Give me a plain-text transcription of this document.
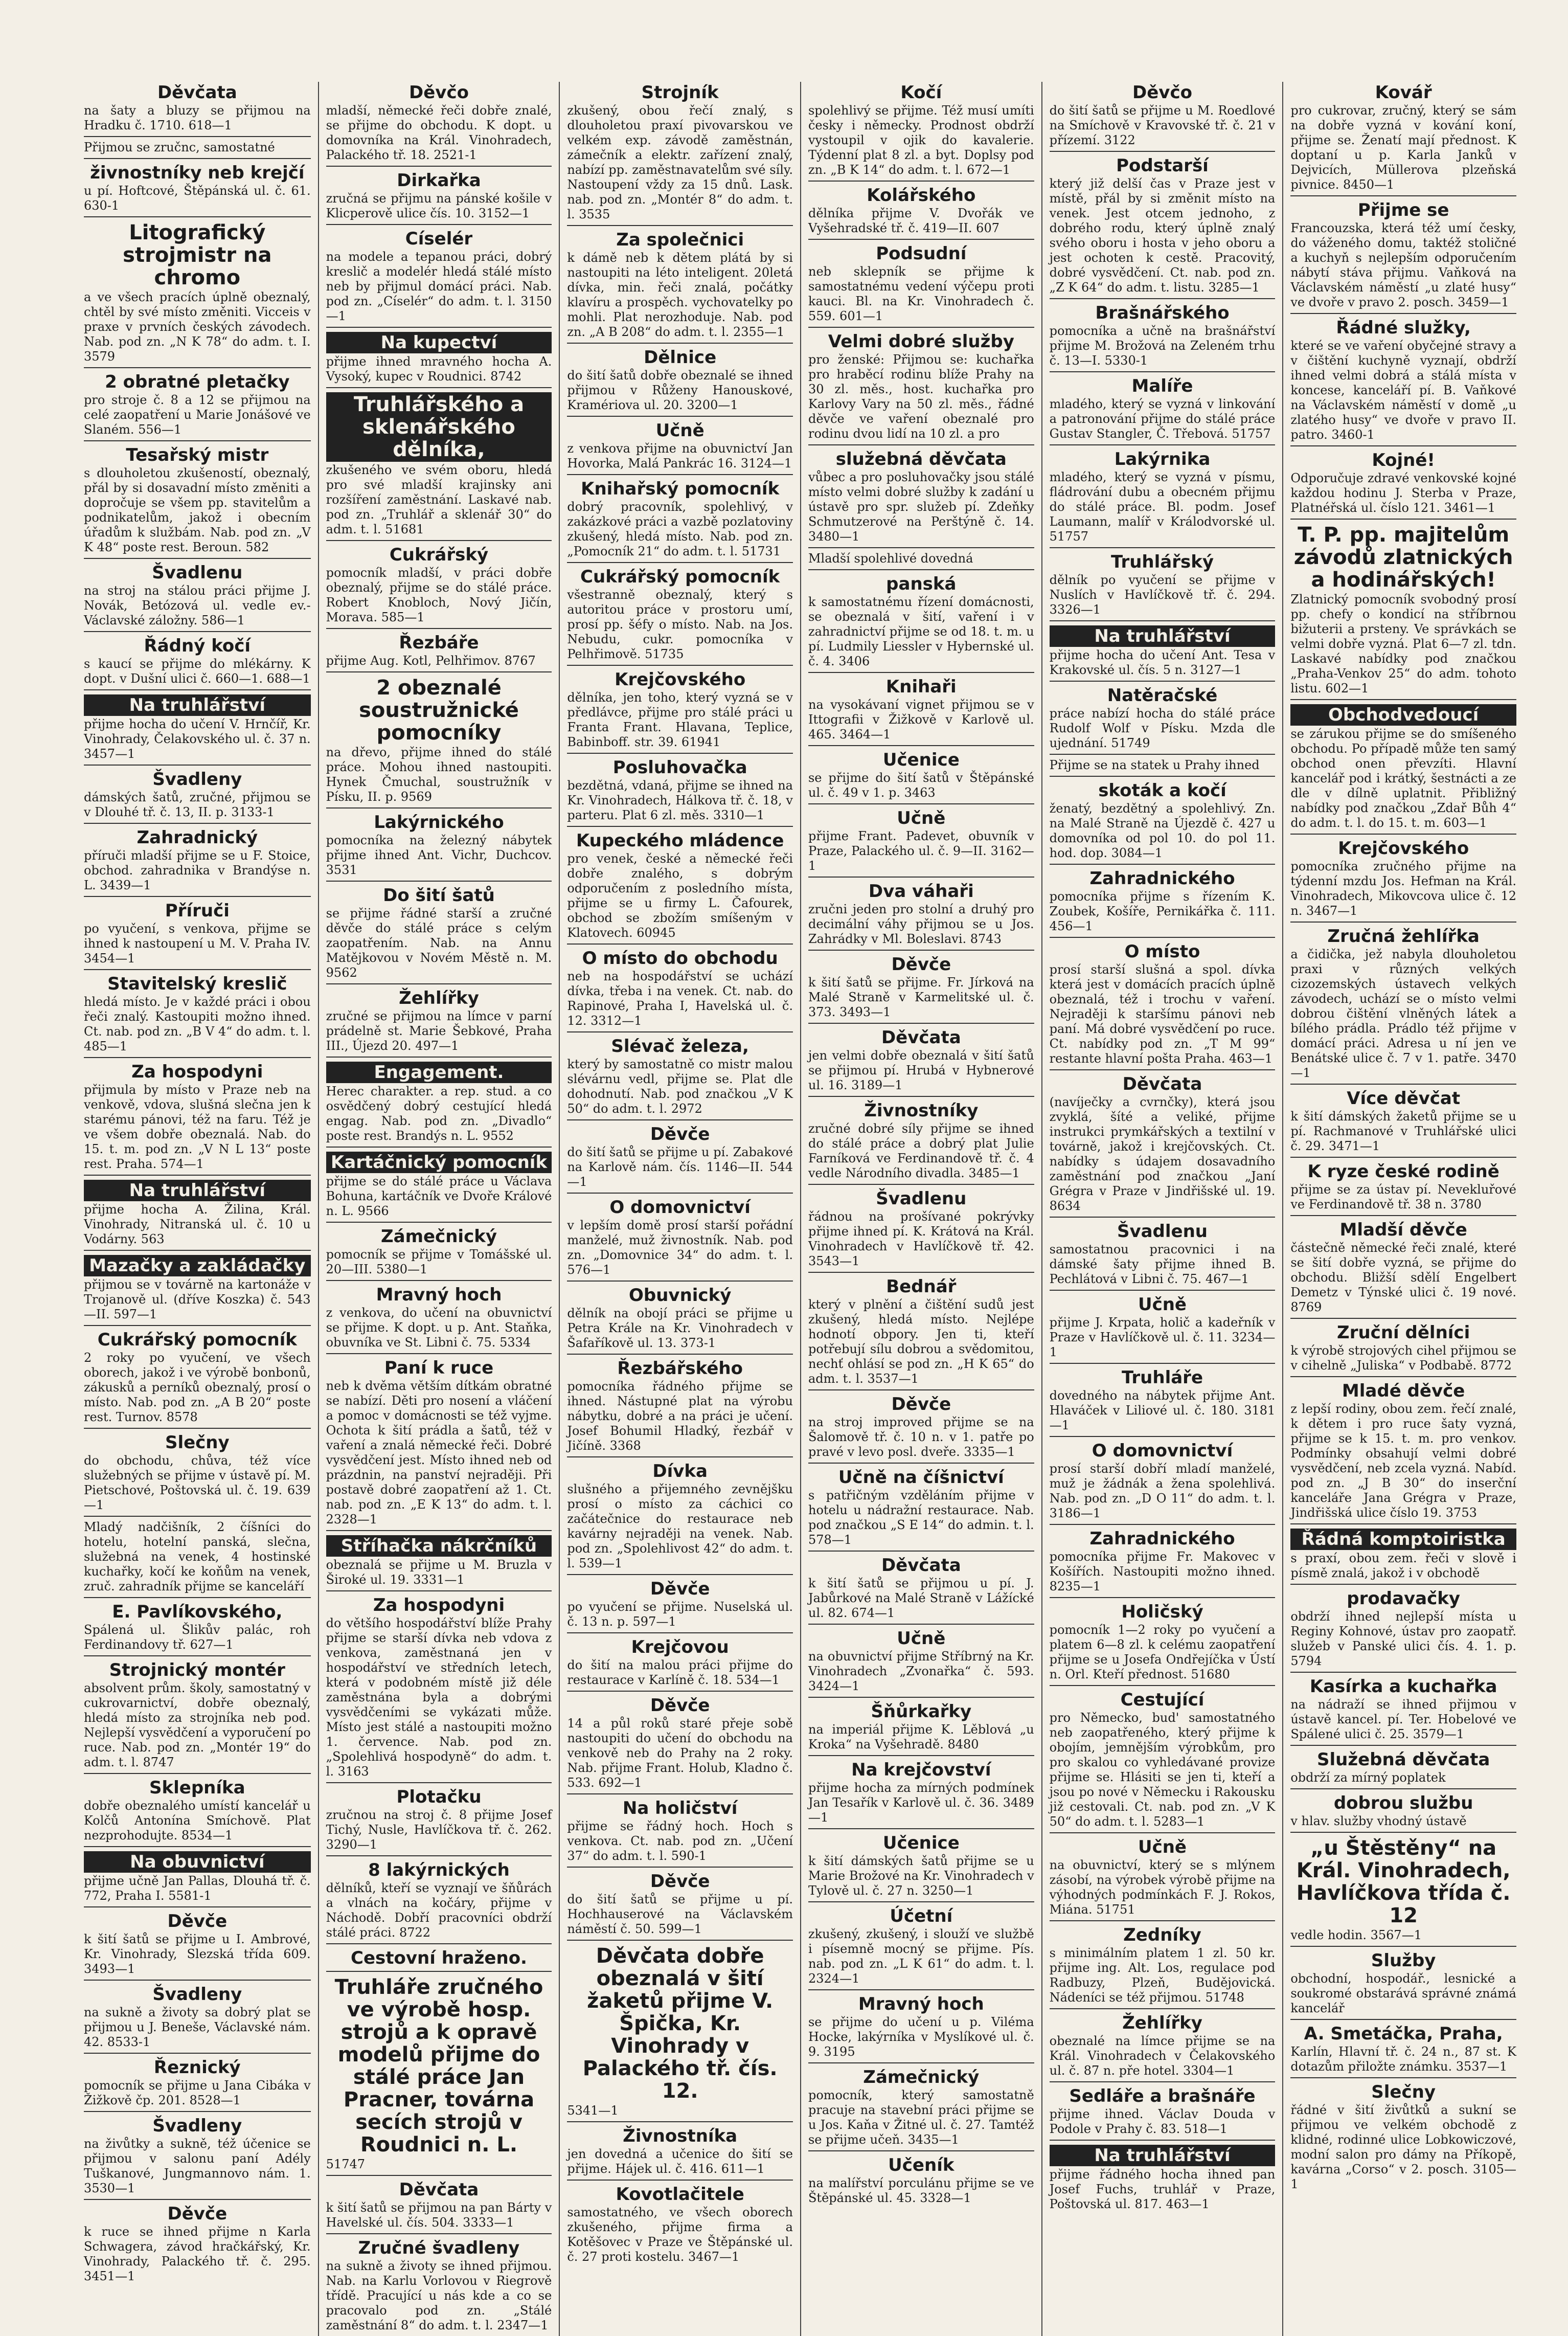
Děvčata
na šaty a bluzy se přijmou na Hradku č. 1710. 618—1
Přijmou se zručnc, samostatné
živnostníky neb krejčí
u pí. Hoftcové, Štěpánská ul. č. 61. 630-1
Litografický strojmistr na chromo
a ve všech pracích úplně obeznalý, chtěl by své místo změniti. Vicceis v praxe v prvních českých závodech. Nab. pod zn. „N K 78“ do adm. t. I. 3579
2 obratné pletačky
pro stroje č. 8 a 12 se přijmou na celé zaopatření u Marie Jonášové ve Slaném. 556—1
Tesařský mistr
s dlouholetou zkušeností, obeznalý, přál by si dosavadní místo změniti a dopročuje se všem pp. stavitelům a podnikatelům, jakož i obecním úřadům k službám. Nab. pod zn. „V K 48“ poste rest. Beroun. 582
Švadlenu
na stroj na stálou práci přijme J. Novák, Betózová ul. vedle ev.-Václavské záložny. 586—1
Řádný kočí
s kaucí se přijme do mlékárny. K dopt. v Dušní ulici č. 660—1. 688—1
Na truhlářství
přijme hocha do učení V. Hrnčíř, Kr. Vinohrady, Čelakovského ul. č. 37 n. 3457—1
Švadleny
dámských šatů, zručné, přijmou se v Dlouhé tř. č. 13, II. p. 3133-1
Zahradnický
příruči mladší přijme se u F. Stoice, obchod. zahradnika v Brandýse n. L. 3439—1
Příruči
po vyučení, s venkova, přijme se ihned k nastoupení u M. V. Praha IV. 3454—1
Stavitelský kreslič
hledá místo. Je v každé práci i obou řeči znalý. Kastoupiti možno ihned. Ct. nab. pod zn. „B V 4“ do adm. t. l. 485—1
Za hospodyni
přijmula by místo v Praze neb na venkově, vdova, slušná slečna jen k starému pánovi, též na faru. Též je ve všem dobře obeznalá. Nab. do 15. t. m. pod zn. „V N L 13“ poste rest. Praha. 574—1
Na truhlářství
přijme hocha A. Žilina, Král. Vinohrady, Nitranská ul. č. 10 u Vodárny. 563
Mazačky a zakládačky
přijmou se v továrně na kartonáže v Trojanově ul. (dříve Koszka) č. 543—II. 597—1
Cukrářský pomocník
2 roky po vyučení, ve všech oborech, jakož i ve výrobě bonbonů, zákusků a perníků obeznalý, prosí o místo. Nab. pod zn. „A B 20“ poste rest. Turnov. 8578
Slečny
do obchodu, chůva, též více služebných se přijme v ústavě pí. M. Pietschové, Poštovská ul. č. 19. 639—1
Mladý nadčišník, 2 číšníci do hotelu, hotelní panská, slečna, služebná na venek, 4 hostinské kuchařky, kočí ke koňům na venek, zruč. zahradník přijme se kanceláří
E. Pavlíkovského,
Spálená ul. Šlikův palác, roh Ferdinandovy tř. 627—1
Strojnický montér
absolvent prům. školy, samostatný v cukrovarnictví, dobře obeznalý, hledá místo za strojníka neb pod. Nejlepší vysvědčení a vyporučení po ruce. Nab. pod zn. „Montér 19“ do adm. t. l. 8747
Sklepníka
dobře obeznalého umístí kancelář u Kolčů Antonína Smíchově. Plat nezprohodujte. 8534—1
Na obuvnictví
přijme učně Jan Pallas, Dlouhá tř. č. 772, Praha I. 5581-1
Děvče
k šití šatů se přijme u I. Ambrové, Kr. Vinohrady, Slezská třída 609. 3493—1
Švadleny
na sukně a životy sa dobrý plat se přijmou u J. Beneše, Václavské nám. 42. 8533-1
Řeznický
pomocník se přijme u Jana Cibáka v Žižkově čp. 201. 8528—1
Švadleny
na živůtky a sukně, též účenice se přijmou v salonu paní Adély Tuškanové, Jungmannovo nám. 1. 3530—1
Děvče
k ruce se ihned přijme n Karla Schwagera, závod hračkářský, Kr. Vinohrady, Palackého tř. č. 295. 3451—1
Děvčo
mladší, německé řeči dobře znalé, se přijme do obchodu. K dopt. u domovníka na Král. Vinohradech, Palackého tř. 18. 2521-1
Dirkařka
zručná se přijmu na pánské košile v Klicperově ulice čís. 10. 3152—1
Císelér
na modele a tepanou práci, dobrý kreslič a modelér hledá stálé místo neb by přijmul domácí práci. Nab. pod zn. „Císelér“ do adm. t. l. 3150—1
Na kupectví
přijme ihned mravného hocha A. Vysoký, kupec v Roudnici. 8742
Truhlářského a sklenářského dělníka,
zkušeného ve svém oboru, hledá pro své mladší krajinsky ani rozšíření zaměstnání. Laskavé nab. pod zn. „Truhlář a sklenář 30“ do adm. t. l. 51681
Cukrářský
pomocník mladší, v práci dobře obeznalý, přijme se do stálé práce. Robert Knobloch, Nový Jičín, Morava. 585—1
Řezbáře
přijme Aug. Kotl, Pelhřimov. 8767
2 obeznalé soustružnické pomocníky
na dřevo, přijme ihned do stálé práce. Mohou ihned nastoupiti. Hynek Čmuchal, soustružník v Písku, II. p. 9569
Lakýrnického
pomocníka na železný nábytek přijme ihned Ant. Vichr, Duchcov. 3531
Do šití šatů
se přijme řádné starší a zručné děvče do stálé práce s celým zaopatřením. Nab. na Annu Matějkovou v Novém Městě n. M. 9562
Žehlířky
zručné se přijmou na límce v parní prádelně st. Marie Šebkové, Praha III., Újezd 20. 497—1
Engagement.
Herec charakter. a rep. stud. a co osvědčený dobrý cestující hledá engag. Nab. pod zn. „Divadlo“ poste rest. Brandýs n. L. 9552
Kartáčnický pomocník
přijme se do stálé práce u Václava Bohuna, kartáčník ve Dvoře Králové n. L. 9566
Zámečnický
pomocník se přijme v Tomášské ul. 20—III. 5380—1
Mravný hoch
z venkova, do učení na obuvnictví se přijme. K dopt. u p. Ant. Staňka, obuvníka ve St. Libni č. 75. 5334
Paní k ruce
neb k dvěma větším dítkám obratné se nabízí. Děti pro nosení a vláčení a pomoc v domácnosti se též vyjme. Ochota k šití prádla a šatů, též v vaření a znalá německé řeči. Dobré vysvědčení jest. Místo ihned neb od prázdnin, na panství nejraději. Při postavě dobré zaopatření až 1. Ct. nab. pod zn. „E K 13“ do adm. t. l. 2328—1
Stříhačka nákrčníků
obeznalá se přijme u M. Bruzla v Široké ul. 19. 3331—1
Za hospodyni
do většího hospodářství blíže Prahy přijme se starší dívka neb vdova z venkova, zaměstnaná jen v hospodářství ve středních letech, která v podobném místě již déle zaměstnána byla a dobrými vysvědčeními se vykázati může. Místo jest stálé a nastoupiti možno 1. července. Nab. pod zn. „Spolehlivá hospodyně“ do adm. t. l. 3163
Plotačku
zručnou na stroj č. 8 přijme Josef Tichý, Nusle, Havlíčkova tř. č. 262. 3290—1
8 lakýrnických
dělníků, kteří se vyznají ve šňůrách a vlnách na kočáry, přijme v Náchodě. Dobří pracovníci obdrží stálé práci. 8722
Cestovní hraženo.
Truhláře zručného ve výrobě hosp. strojů a k opravě modelů přijme do stálé práce Jan Pracner, továrna secích strojů v Roudnici n. L.
51747
Děvčata
k šití šatů se přijmou na pan Bárty v Havelské ul. čís. 504. 3333—1
Zručné švadleny
na sukně a životy se ihned přijmou. Nab. na Karlu Vorlovou v Riegrově třídě. Pracující u nás kde a co se pracovalo pod zn. „Stálé zaměstnání 8“ do adm. t. l. 2347—1
Strojník
zkušený, obou řečí znalý, s dlouholetou praxí pivovarskou ve velkém exp. závodě zaměstnán, zámečník a elektr. zařízení znalý, nabízí pp. zaměstnavatelům své síly. Nastoupení vždy za 15 dnů. Lask. nab. pod zn. „Montér 8“ do adm. t. l. 3535
Za společnici
k dámě neb k dětem plátá by si nastoupiti na léto inteligent. 20letá dívka, min. řeči znalá, počátky klavíru a prospěch. vychovatelky po mohli. Plat nerozhoduje. Nab. pod zn. „A B 208“ do adm. t. l. 2355—1
Dělnice
do šití šatů dobře obeznalé se ihned přijmou v Růženy Hanouskové, Kramériova ul. 20. 3200—1
Učně
z venkova přijme na obuvnictví Jan Hovorka, Malá Pankrác 16. 3124—1
Knihařský pomocník
dobrý pracovník, spolehlivý, v zakázkové práci a vazbě pozlatoviny zkušený, hledá místo. Nab. pod zn. „Pomocník 21“ do adm. t. l. 51731
Cukrářský pomocník
všestranně obeznalý, který s autoritou práce v prostoru umí, prosí pp. šéfy o místo. Nab. na Jos. Nebudu, cukr. pomocníka v Pelhřimově. 51735
Krejčovského
dělníka, jen toho, který vyzná se v předlávce, přijme pro stálé práci u Franta Frant. Hlavana, Teplice, Babinboff. str. 39. 61941
Posluhovačka
bezdětná, vdaná, přijme se ihned na Kr. Vinohradech, Hálkova tř. č. 18, v parteru. Plat 6 zl. měs. 3310—1
Kupeckého mládence
pro venek, české a německé řeči dobře znalého, s dobrým odporučením z posledního místa, přijme se u firmy L. Čafourek, obchod se zbožím smíšeným v Klatovech. 60945
O místo do obchodu
neb na hospodářství se uchází dívka, třeba i na venek. Ct. nab. do Rapinové, Praha I, Havelská ul. č. 12. 3312—1
Slévač železa,
který by samostatně co mistr malou slévárnu vedl, přijme se. Plat dle dohodnutí. Nab. pod značkou „V K 50“ do adm. t. l. 2972
Děvče
do šití šatů se přijme u pí. Zabakové na Karlově nám. čís. 1146—II. 544—1
O domovnictví
v lepším domě prosí starší pořádní manželé, muž živnostník. Nab. pod zn. „Domovnice 34“ do adm. t. l. 576—1
Obuvnický
dělník na obojí práci se přijme u Petra Krále na Kr. Vinohradech v Šafaříkově ul. 13. 373-1
Řezbářského
pomocníka řádného přijme se ihned. Nástupné plat na výrobu nábytku, dobré a na práci je učení. Josef Bohumil Hladký, řezbář v Jičíně. 3368
Dívka
slušného a přijemného zevnějšku prosí o místo za cáchici co začátečnice do restaurace neb kavárny nejraději na venek. Nab. pod zn. „Spolehlivost 42“ do adm. t. l. 539—1
Děvče
po vyučení se přijme. Nuselská ul. č. 13 n. p. 597—1
Krejčovou
do šití na malou práci přijme do restaurace v Karlíně č. 18. 534—1
Děvče
14 a půl roků staré přeje sobě nastoupiti do učení do obchodu na venkově neb do Prahy na 2 roky. Nab. přijme Frant. Holub, Kladno č. 533. 692—1
Na holičství
přijme se řádný hoch. Hoch s venkova. Ct. nab. pod zn. „Učení 37“ do adm. t. l. 590-1
Děvče
do šití šatů se přijme u pí. Hochhauserové na Václavském náměstí č. 50. 599—1
Děvčata dobře obeznalá v šití žaketů přijme V. Špička, Kr. Vinohrady v Palackého tř. čís. 12.
5341—1
Živnostníka
jen dovedná a učenice do šití se přijme. Hájek ul. č. 416. 611—1
Kovotlačitele
samostatného, ve všech oborech zkušeného, přijme firma a Kotěšovec v Praze ve Štěpánské ul. č. 27 proti kostelu. 3467—1
Kočí
spolehlivý se přijme. Též musí umíti česky i německy. Prodnost obdrží vystoupil v ojik do kavalerie. Týdenní plat 8 zl. a byt. Doplsy pod zn. „B K 14“ do adm. t. l. 672—1
Kolářského
dělníka přijme V. Dvořák ve Vyšehradské tř. č. 419—II. 607
Podsudní
neb sklepník se přijme k samostatnému vedení výčepu proti kauci. Bl. na Kr. Vinohradech č. 559. 601—1
Velmi dobré služby
pro ženské: Přijmou se: kuchařka pro hraběcí rodinu blíže Prahy na 30 zl. měs., host. kuchařka pro Karlovy Vary na 50 zl. měs., řádné děvče ve vaření obeznalé pro rodinu dvou lidí na 10 zl. a pro
služebná děvčata
vůbec a pro posluhovačky jsou stálé místo velmi dobré služby k zadání u ústavě pro spr. služeb pí. Zdeňky Schmutzerové na Perštýně č. 14. 3480—1
Mladší spolehlivé dovedná
panská
k samostatnému řízení domácnosti, se obeznalá v šití, vaření i v zahradnictví přijme se od 18. t. m. u pí. Ludmily Liessler v Hybernské ul. č. 4. 3406
Knihaři
na vysokávaní vignet přijmou se v Ittografii v Žižkově v Karlově ul. 465. 3464—1
Učenice
se přijme do šití šatů v Štěpánské ul. č. 49 v 1. p. 3463
Učně
přijme Frant. Padevet, obuvník v Praze, Palackého ul. č. 9—II. 3162—1
Dva váhaři
zručni jeden pro stolní a druhý pro decimální váhy přijmou se u Jos. Zahrádky v Ml. Boleslavi. 8743
Děvče
k šití šatů se přijme. Fr. Jírková na Malé Straně v Karmelitské ul. č. 373. 3493—1
Děvčata
jen velmi dobře obeznalá v šití šatů se přijmou pí. Hrubá v Hybnerové ul. 16. 3189—1
Živnostníky
zručné dobré síly přijme se ihned do stálé práce a dobrý plat Julie Farníková ve Ferdinandově tř. č. 4 vedle Národního divadla. 3485—1
Švadlenu
řádnou na prošívané pokrývky přijme ihned pí. K. Krátová na Král. Vinohradech v Havlíčkově tř. 42. 3543—1
Bednář
který v plnění a čištění sudů jest zkušený, hledá místo. Nejlépe hodnotí obpory. Jen ti, kteří potřebují sílu dobrou a svědomitou, nechť ohlásí se pod zn. „H K 65“ do adm. t. l. 3537—1
Děvče
na stroj improved přijme se na Šalomově tř. č. 10 n. v 1. patře po pravé v levo posl. dveře. 3335—1
Učně na číšnictví
s patřičným vzděláním přijme v hotelu u nádražní restaurace. Nab. pod značkou „S E 14“ do admin. t. l. 578—1
Děvčata
k šití šatů se přijmou u pí. J. Jabůrkové na Malé Straně v Lážícké ul. 82. 674—1
Učně
na obuvnictví přijme Stříbrný na Kr. Vinohradech „Zvonařka“ č. 593. 3424—1
Šňůrkařky
na imperiál přijme K. Lěblová „u Kroka“ na Vyšehradě. 8480
Na krejčovství
přijme hocha za mírných podmínek Jan Tesařík v Karlově ul. č. 36. 3489—1
Učenice
k šití dámských šatů přijme se u Marie Brožové na Kr. Vinohradech v Tylově ul. č. 27 n. 3250—1
Účetní
zkušený, zkušený, i slouží ve službě i písemně mocný se přijme. Pís. nab. pod zn. „L K 61“ do adm. t. l. 2324—1
Mravný hoch
se přijme do učení u p. Viléma Hocke, lakýrníka v Myslíkové ul. č. 9. 3195
Zámečnický
pomocník, který samostatně pracuje na stavební práci přijme se u Jos. Kaňa v Žitné ul. č. 27. Tamtéž se přijme učeň. 3435—1
Učeník
na malířství porculánu přijme se ve Štěpánské ul. 45. 3328—1
Děvčo
do šití šatů se přijme u M. Roedlové na Smíchově v Kravovské tř. č. 21 v přízemí. 3122
Podstarší
který již delší čas v Praze jest v místě, přál by si změnit místo na venek. Jest otcem jednoho, z dobrého rodu, který úplně znalý svého oboru i hosta v jeho oboru a jest ochoten k cestě. Pracovitý, dobré vysvědčení. Ct. nab. pod zn. „Z K 64“ do adm. t. listu. 3285—1
Brašnářského
pomocníka a učně na brašnářství přijme M. Brožová na Zeleném trhu č. 13—I. 5330-1
Malíře
mladého, který se vyzná v linkování a patronování přijme do stálé práce Gustav Stangler, Č. Třebová. 51757
Lakýrnika
mladého, který se vyzná v písmu, fládrování dubu a obecném přijmu do stálé práce. Bl. podm. Josef Laumann, malíř v Králodvorské ul. 51757
Truhlářský
dělník po vyučení se přijme v Nuslích v Havlíčkově tř. č. 294. 3326—1
Na truhlářství
přijme hocha do učení Ant. Tesa v Krakovské ul. čís. 5 n. 3127—1
Natěračské
práce nabízí hocha do stálé práce Rudolf Wolf v Písku. Mzda dle ujednání. 51749
Přijme se na statek u Prahy ihned
skoták a kočí
ženatý, bezdětný a spolehlivý. Zn. na Malé Straně na Újezdě č. 427 u domovníka od pol 10. do pol 11. hod. dop. 3084—1
Zahradnického
pomocníka přijme s řízením K. Zoubek, Košíře, Pernikářka č. 111. 456—1
O místo
prosí starší slušná a spol. dívka která jest v domácích pracích úplně obeznalá, též i trochu v vaření. Nejraději k staršímu pánovi neb paní. Má dobré vysvědčení po ruce. Ct. nabídky pod zn. „T M 99“ restante hlavní pošta Praha. 463—1
Děvčata
(navíječky a cvrnčky), která jsou zvyklá, šíté a veliké, přijme instrukci prymkářských a textilní v továrně, jakož i krejčovských. Ct. nabídky s údajem dosavadního zaměstnání pod značkou „Janí Grégra v Praze v Jindřišské ul. 19. 8634
Švadlenu
samostatnou pracovnici i na dámské šaty přijme ihned B. Pechlátová v Libni č. 75. 467—1
Učně
přijme J. Krpata, holič a kadeřník v Praze v Havlíčkově ul. č. 11. 3234—1
Truhláře
dovedného na nábytek přijme Ant. Hlaváček v Liliové ul. č. 180. 3181—1
O domovnictví
prosí starší dobří mladí manželé, muž je žádnák a žena spolehlivá. Nab. pod zn. „D O 11“ do adm. t. l. 3186—1
Zahradnického
pomocníka přijme Fr. Makovec v Košířích. Nastoupiti možno ihned. 8235—1
Holičský
pomocník 1—2 roky po vyučení a platem 6—8 zl. k celému zaopatření přijme se u Josefa Ondřejíčka v Ústí n. Orl. Kteří přednost. 51680
Cestující
pro Německo, bud' samostatného neb zaopatřeného, který přijme k obojím, jemnějším výrobkům, pro pro skalou co vyhledávané provize přijme se. Hlásiti se jen ti, kteří a jsou po nové v Německu i Rakousku již cestovali. Ct. nab. pod zn. „V K 50“ do adm. t. l. 5283—1
Učně
na obuvnictví, který se s mlýnem zásobí, na výrobek výrobě přijme na výhodných podmínkách F. J. Rokos, Miána. 51751
Zedníky
s minimálním platem 1 zl. 50 kr. přijme ing. Alt. Los, regulace pod Radbuzy, Plzeň, Budějovická. Nádeníci se též přijmou. 51748
Žehlířky
obeznalé na límce přijme se na Král. Vinohradech v Čelakovského ul. č. 87 n. pře hotel. 3304—1
Sedláře a brašnáře
přijme ihned. Václav Douda v Podole v Prahy č. 83. 518—1
Na truhlářství
přijme řádného hocha ihned pan Josef Fuchs, truhlář v Praze, Poštovská ul. 817. 463—1
Kovář
pro cukrovar, zručný, který se sám na dobře vyzná v kování koní, přijme se. Ženatí mají přednost. K doptaní u p. Karla Janků v Dejvicích, Müllerova plzeňská pivnice. 8450—1
Přijme se
Francouzska, která též umí česky, do váženého domu, taktéž stoličné a kuchyň s nejlepším odporučením nábytí stáva přijmu. Vaňková na Václavském náměstí „u zlaté husy“ ve dvoře v pravo 2. posch. 3459—1
Řádné služky,
které se ve vaření obyčejné stravy a v čištění kuchyně vyznají, obdrží ihned velmi dobrá a stálá místa v koncese, kanceláří pí. B. Vaňkové na Václavském náměstí v domě „u zlatého husy“ ve dvoře v pravo II. patro. 3460-1
Kojné!
Odporučuje zdravé venkovské kojné každou hodinu J. Sterba v Praze, Platnéřská ul. číslo 121. 3461—1
T. P. pp. majitelům závodů zlatnických a hodinářských!
Zlatnický pomocník svobodný prosí pp. chefy o kondicí na stříbrnou bižuterii a prsteny. Ve správkách se velmi dobře vyzná. Plat 6—7 zl. tdn. Laskavé nabídky pod značkou „Praha-Venkov 25“ do adm. tohoto listu. 602—1
Obchodvedoucí
se zárukou přijme se do smíšeného obchodu. Po případě může ten samý obchod onen převzíti. Hlavní kancelář pod i krátký, šestnácti a ze dle v dílně uplatnit. Přibližný nabídky pod značkou „Zdař Bůh 4“ do adm. t. l. do 15. t. m. 603—1
Krejčovského
pomocníka zručného přijme na týdenní mzdu Jos. Hefman na Král. Vinohradech, Mikovcova ulice č. 12 n. 3467—1
Zručná žehlířka
a čidička, jež nabyla dlouholetou praxi v různých velkých cizozemských ústavech velkých závodech, uchází se o místo velmi dobrou čištění vlněných látek a bílého prádla. Prádlo též přijme v domácí práci. Adresa u ní jen ve Benátské ulice č. 7 v 1. patře. 3470—1
Více děvčat
k šití dámských žaketů přijme se u pí. Rachmanové v Truhlářské ulici č. 29. 3471—1
K ryze české rodině
přijme se za ústav pí. Nevekluřové ve Ferdinandově tř. 38 n. 3780
Mladší děvče
částečně německé řeči znalé, které se šití dobře vyzná, se přijme do obchodu. Bližší sdělí Engelbert Demetz v Týnské ulici č. 19 nové. 8769
Zruční dělníci
k výrobě strojových cihel přijmou se v cihelně „Juliska“ v Podbabě. 8772
Mladé děvče
z lepší rodiny, obou zem. řečí znalé, k dětem i pro ruce šaty vyzná, přijme se k 15. t. m. pro venkov. Podmínky obsahují velmi dobré vysvědčení, neb zcela vyzná. Nabíd. pod zn. „J B 30“ do inserční kanceláře Jana Grégra v Praze, Jindřišská ulice číslo 19. 3753
Řádná komptoiristka
s praxí, obou zem. řeči v slově i písmě znalá, jakož i v obchodě
prodavačky
obdrží ihned nejlepší místa u Reginy Kohnové, ústav pro zaopatř. služeb v Panské ulici čís. 4. 1. p. 5794
Kasírka a kuchařka
na nádraží se ihned přijmou v ústavě kancel. pí. Ter. Hobelové ve Spálené ulici č. 25. 3579—1
Služebná děvčata
obdrží za mírný poplatek
dobrou službu
v hlav. služby vhodný ústavě
„u Štěstěny“ na Král. Vinohradech, Havlíčkova třída č. 12
vedle hodin. 3567—1
Služby
obchodní, hospodář., lesnické a soukromé obstarává správné známá kancelář
A. Smetáčka, Praha,
Karlín, Hlavní tř. č. 24 n., 87 st. K dotazům přiložte známku. 3537—1
Slečny
řádné v šití živůtků a sukní se přijmou ve velkém obchodě z klidné, rodinné ulice Lobkowiczové, modní salon pro dámy na Příkopě, kavárna „Corso“ v 2. posch. 3105—1
